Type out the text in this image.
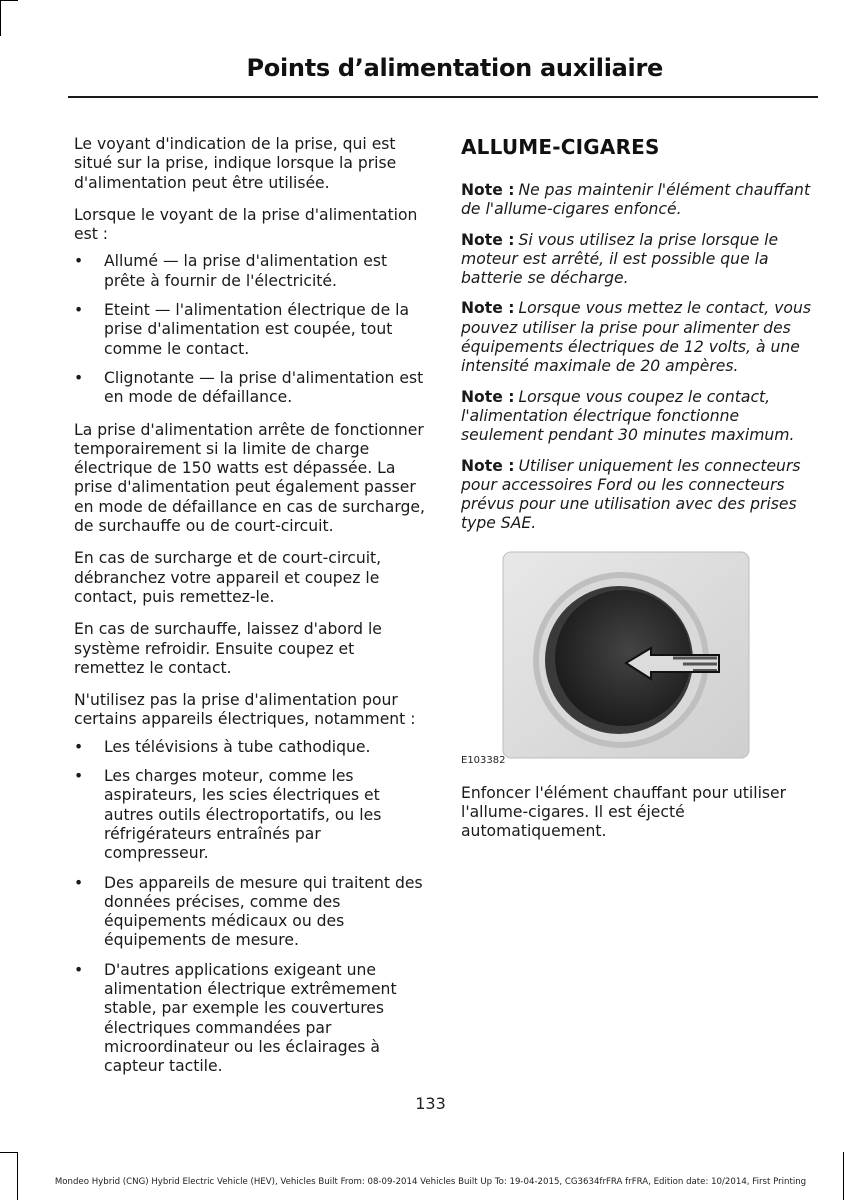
Points d’alimentation auxiliaire

Le voyant d'indication de la prise, qui est situé sur la prise, indique lorsque la prise d'alimentation peut être utilisée.

Lorsque le voyant de la prise d'alimentation est :

• Allumé — la prise d'alimentation est prête à fournir de l'électricité.
• Eteint — l'alimentation électrique de la prise d'alimentation est coupée, tout comme le contact.
• Clignotante — la prise d'alimentation est en mode de défaillance.

La prise d'alimentation arrête de fonctionner temporairement si la limite de charge électrique de 150 watts est dépassée. La prise d'alimentation peut également passer en mode de défaillance en cas de surcharge, de surchauffe ou de court-circuit.

En cas de surcharge et de court-circuit, débranchez votre appareil et coupez le contact, puis remettez-le.

En cas de surchauffe, laissez d'abord le système refroidir. Ensuite coupez et remettez le contact.

N'utilisez pas la prise d'alimentation pour certains appareils électriques, notamment :

• Les télévisions à tube cathodique.
• Les charges moteur, comme les aspirateurs, les scies électriques et autres outils électroportatifs, ou les réfrigérateurs entraînés par compresseur.
• Des appareils de mesure qui traitent des données précises, comme des équipements médicaux ou des équipements de mesure.
• D'autres applications exigeant une alimentation électrique extrêmement stable, par exemple les couvertures électriques commandées par microordinateur ou les éclairages à capteur tactile.
ALLUME-CIGARES

Note : Ne pas maintenir l'élément chauffant de l'allume-cigares enfoncé.

Note : Si vous utilisez la prise lorsque le moteur est arrêté, il est possible que la batterie se décharge.

Note : Lorsque vous mettez le contact, vous pouvez utiliser la prise pour alimenter des équipements électriques de 12 volts, à une intensité maximale de 20 ampères.

Note : Lorsque vous coupez le contact, l'alimentation électrique fonctionne seulement pendant 30 minutes maximum.

Note : Utiliser uniquement les connecteurs pour accessoires Ford ou les connecteurs prévus pour une utilisation avec des prises type SAE.

E103382

Enfoncer l'élément chauffant pour utiliser l'allume-cigares. Il est éjecté automatiquement.

133
Mondeo Hybrid (CNG) Hybrid Electric Vehicle (HEV), Vehicles Built From: 08-09-2014 Vehicles Built Up To: 19-04-2015, CG3634frFRA frFRA, Edition date: 10/2014, First Printing
